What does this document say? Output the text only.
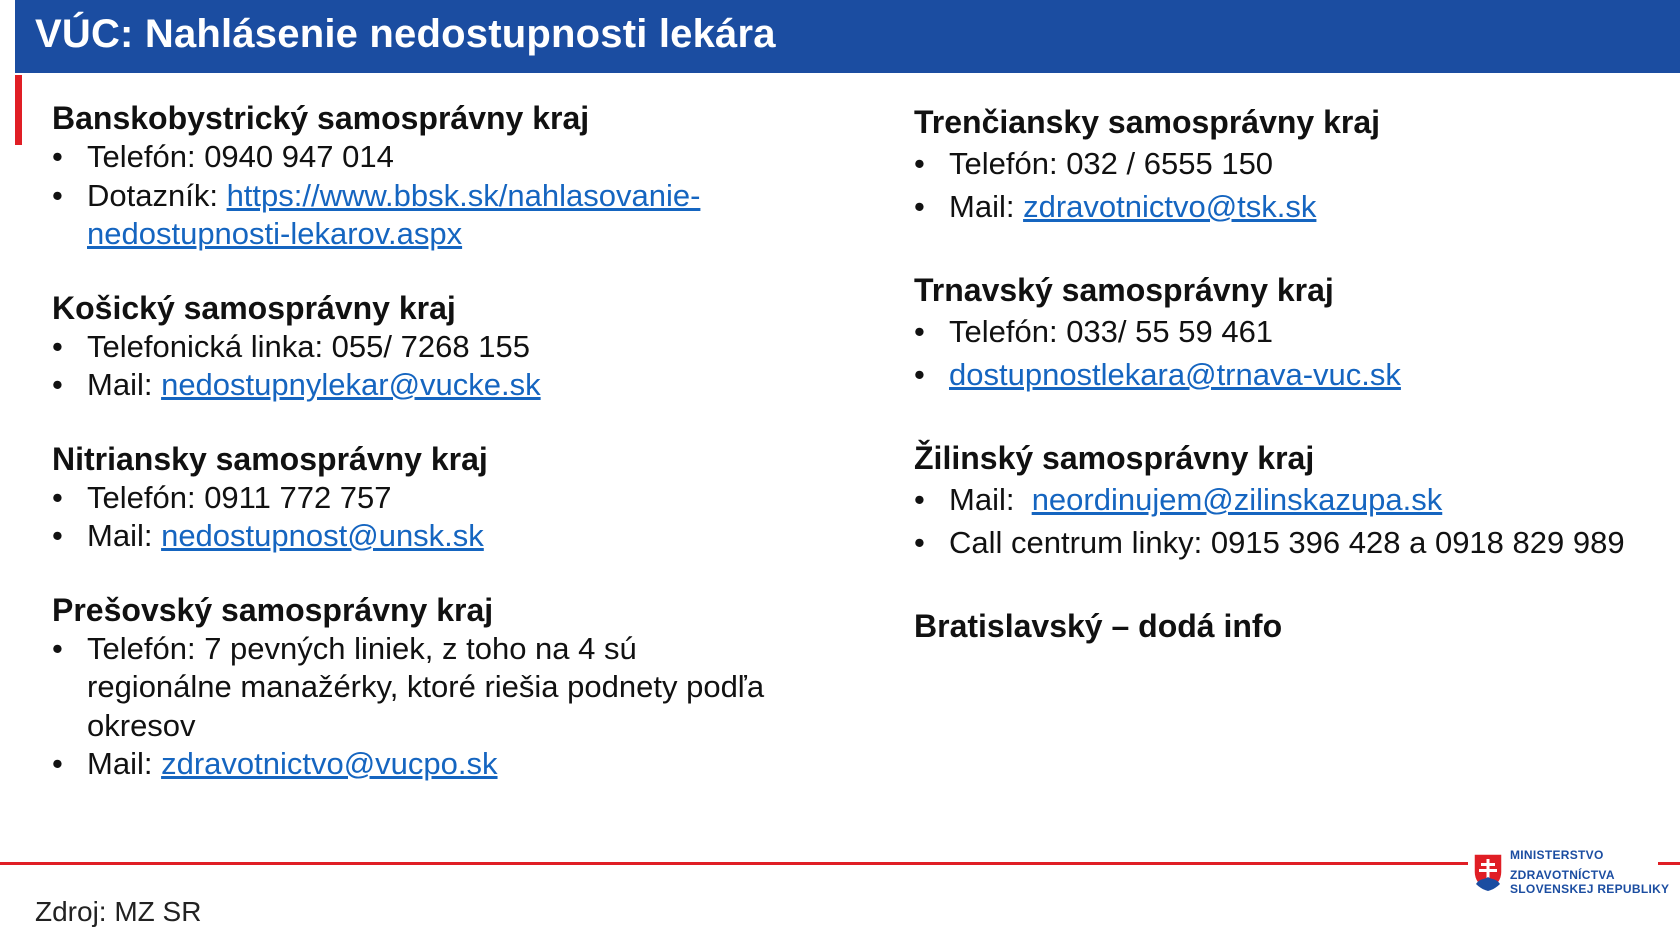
VÚC: Nahlásenie nedostupnosti lekára
Banskobystrický samosprávny kraj
• Telefón: 0940 947 014
• Dotazník: https://www.bbsk.sk/nahlasovanie-nedostupnosti-lekarov.aspx
Košický samosprávny kraj
• Telefonická linka: 055/ 7268 155
• Mail: nedostupnylekar@vucke.sk
Nitriansky samosprávny kraj
• Telefón: 0911 772 757
• Mail: nedostupnost@unsk.sk
Prešovský samosprávny kraj
• Telefón: 7 pevných liniek, z toho na 4 sú regionálne manažérky, ktoré riešia podnety podľa okresov
• Mail: zdravotnictvo@vucpo.sk
Trenčiansky samosprávny kraj
• Telefón: 032 / 6555 150
• Mail: zdravotnictvo@tsk.sk
Trnavský samosprávny kraj
• Telefón: 033/ 55 59 461
• dostupnostlekara@trnava-vuc.sk
Žilinský samosprávny kraj
• Mail:  neordinujem@zilinskazupa.sk
• Call centrum linky: 0915 396 428 a 0918 829 989
Bratislavský – dodá info
Zdroj: MZ SR
MINISTERSTVO
ZDRAVOTNÍCTVA
SLOVENSKEJ REPUBLIKY
